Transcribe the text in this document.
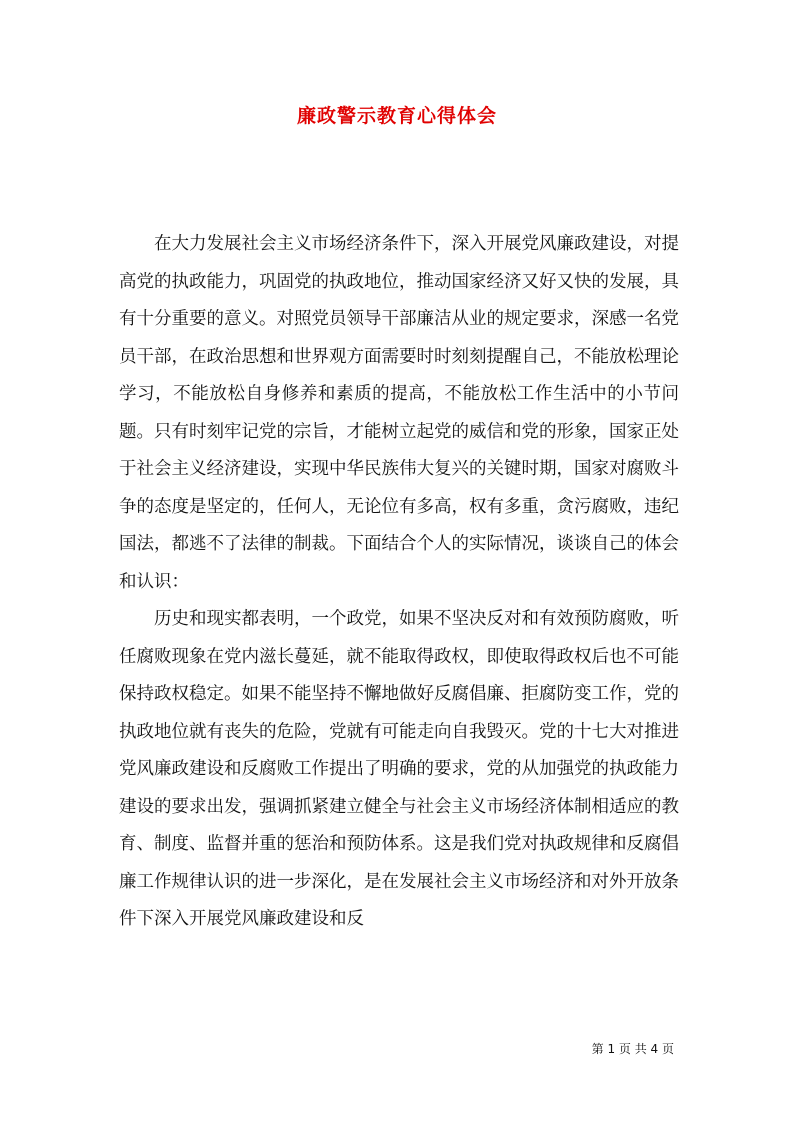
廉政警示教育心得体会

在大力发展社会主义市场经济条件下，深入开展党风廉政建设，对提高党的执政能力，巩固党的执政地位，推动国家经济又好又快的发展，具有十分重要的意义。对照党员领导干部廉洁从业的规定要求，深感一名党员干部，在政治思想和世界观方面需要时时刻刻提醒自己，不能放松理论学习，不能放松自身修养和素质的提高，不能放松工作生活中的小节问题。只有时刻牢记党的宗旨，才能树立起党的威信和党的形象，国家正处于社会主义经济建设，实现中华民族伟大复兴的关键时期，国家对腐败斗争的态度是坚定的，任何人，无论位有多高，权有多重，贪污腐败，违纪国法，都逃不了法律的制裁。下面结合个人的实际情况，谈谈自己的体会和认识：

历史和现实都表明，一个政党，如果不坚决反对和有效预防腐败，听任腐败现象在党内滋长蔓延，就不能取得政权，即使取得政权后也不可能保持政权稳定。如果不能坚持不懈地做好反腐倡廉、拒腐防变工作，党的执政地位就有丧失的危险，党就有可能走向自我毁灭。党的十七大对推进党风廉政建设和反腐败工作提出了明确的要求，党的从加强党的执政能力建设的要求出发，强调抓紧建立健全与社会主义市场经济体制相适应的教育、制度、监督并重的惩治和预防体系。这是我们党对执政规律和反腐倡廉工作规律认识的进一步深化，是在发展社会主义市场经济和对外开放条件下深入开展党风廉政建设和反

第 1 页 共 4 页
